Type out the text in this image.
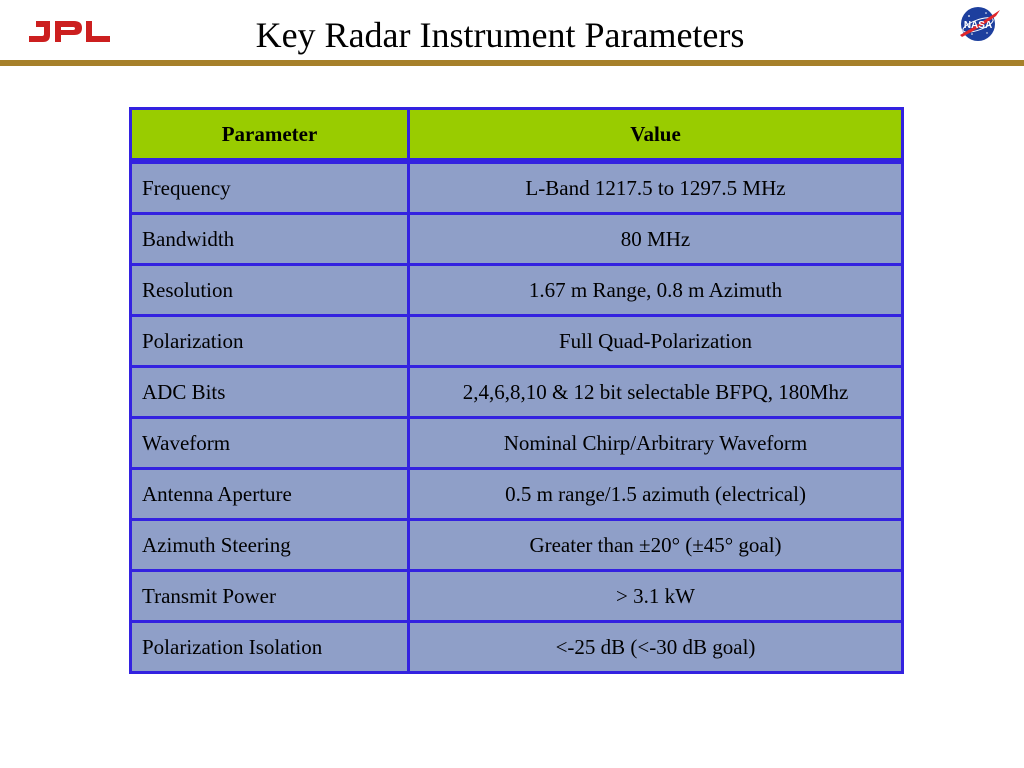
Key Radar Instrument Parameters	NASA
Parameter	Value
Frequency	L-Band 1217.5 to 1297.5 MHz
Bandwidth	80 MHz
Resolution	1.67 m Range, 0.8 m Azimuth
Polarization	Full Quad-Polarization
ADC Bits	2,4,6,8,10 & 12 bit selectable BFPQ, 180Mhz
Waveform	Nominal Chirp/Arbitrary Waveform
Antenna Aperture	0.5 m range/1.5 azimuth (electrical)
Azimuth Steering	Greater than ±20° (±45° goal)
Transmit Power	> 3.1 kW
Polarization Isolation	<-25 dB (<-30 dB goal)
